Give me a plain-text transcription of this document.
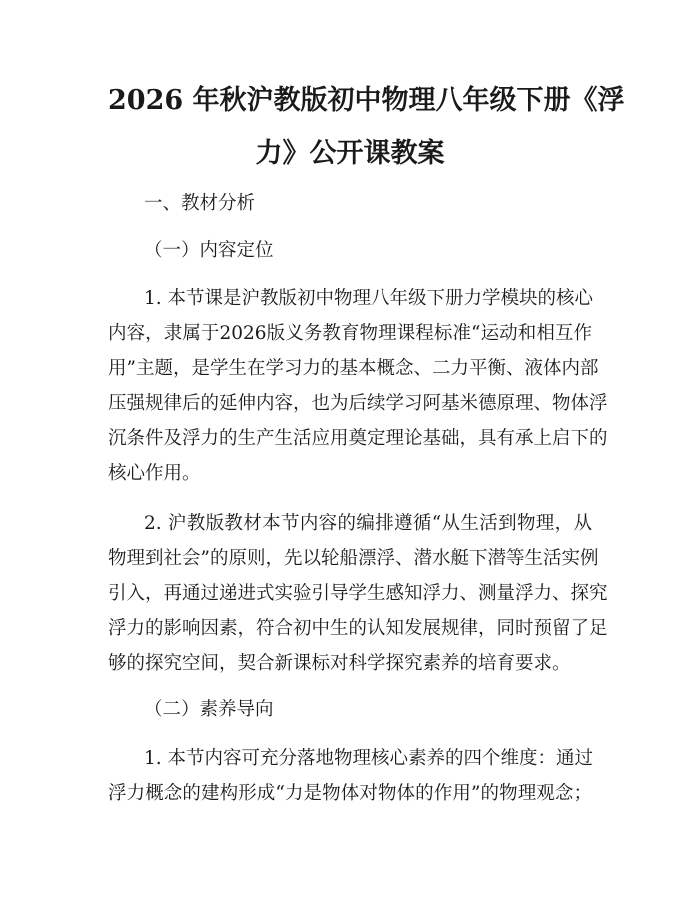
2026 年秋沪教版初中物理八年级下册《浮
力》公开课教案
一、教材分析
（一）内容定位
1. 本节课是沪教版初中物理八年级下册力学模块的核心
内容，隶属于2026版义务教育物理课程标准“运动和相互作
用”主题，是学生在学习力的基本概念、二力平衡、液体内部
压强规律后的延伸内容，也为后续学习阿基米德原理、物体浮
沉条件及浮力的生产生活应用奠定理论基础，具有承上启下的
核心作用。
2. 沪教版教材本节内容的编排遵循“从生活到物理，从
物理到社会”的原则，先以轮船漂浮、潜水艇下潜等生活实例
引入，再通过递进式实验引导学生感知浮力、测量浮力、探究
浮力的影响因素，符合初中生的认知发展规律，同时预留了足
够的探究空间，契合新课标对科学探究素养的培育要求。
（二）素养导向
1. 本节内容可充分落地物理核心素养的四个维度：通过
浮力概念的建构形成“力是物体对物体的作用”的物理观念；
